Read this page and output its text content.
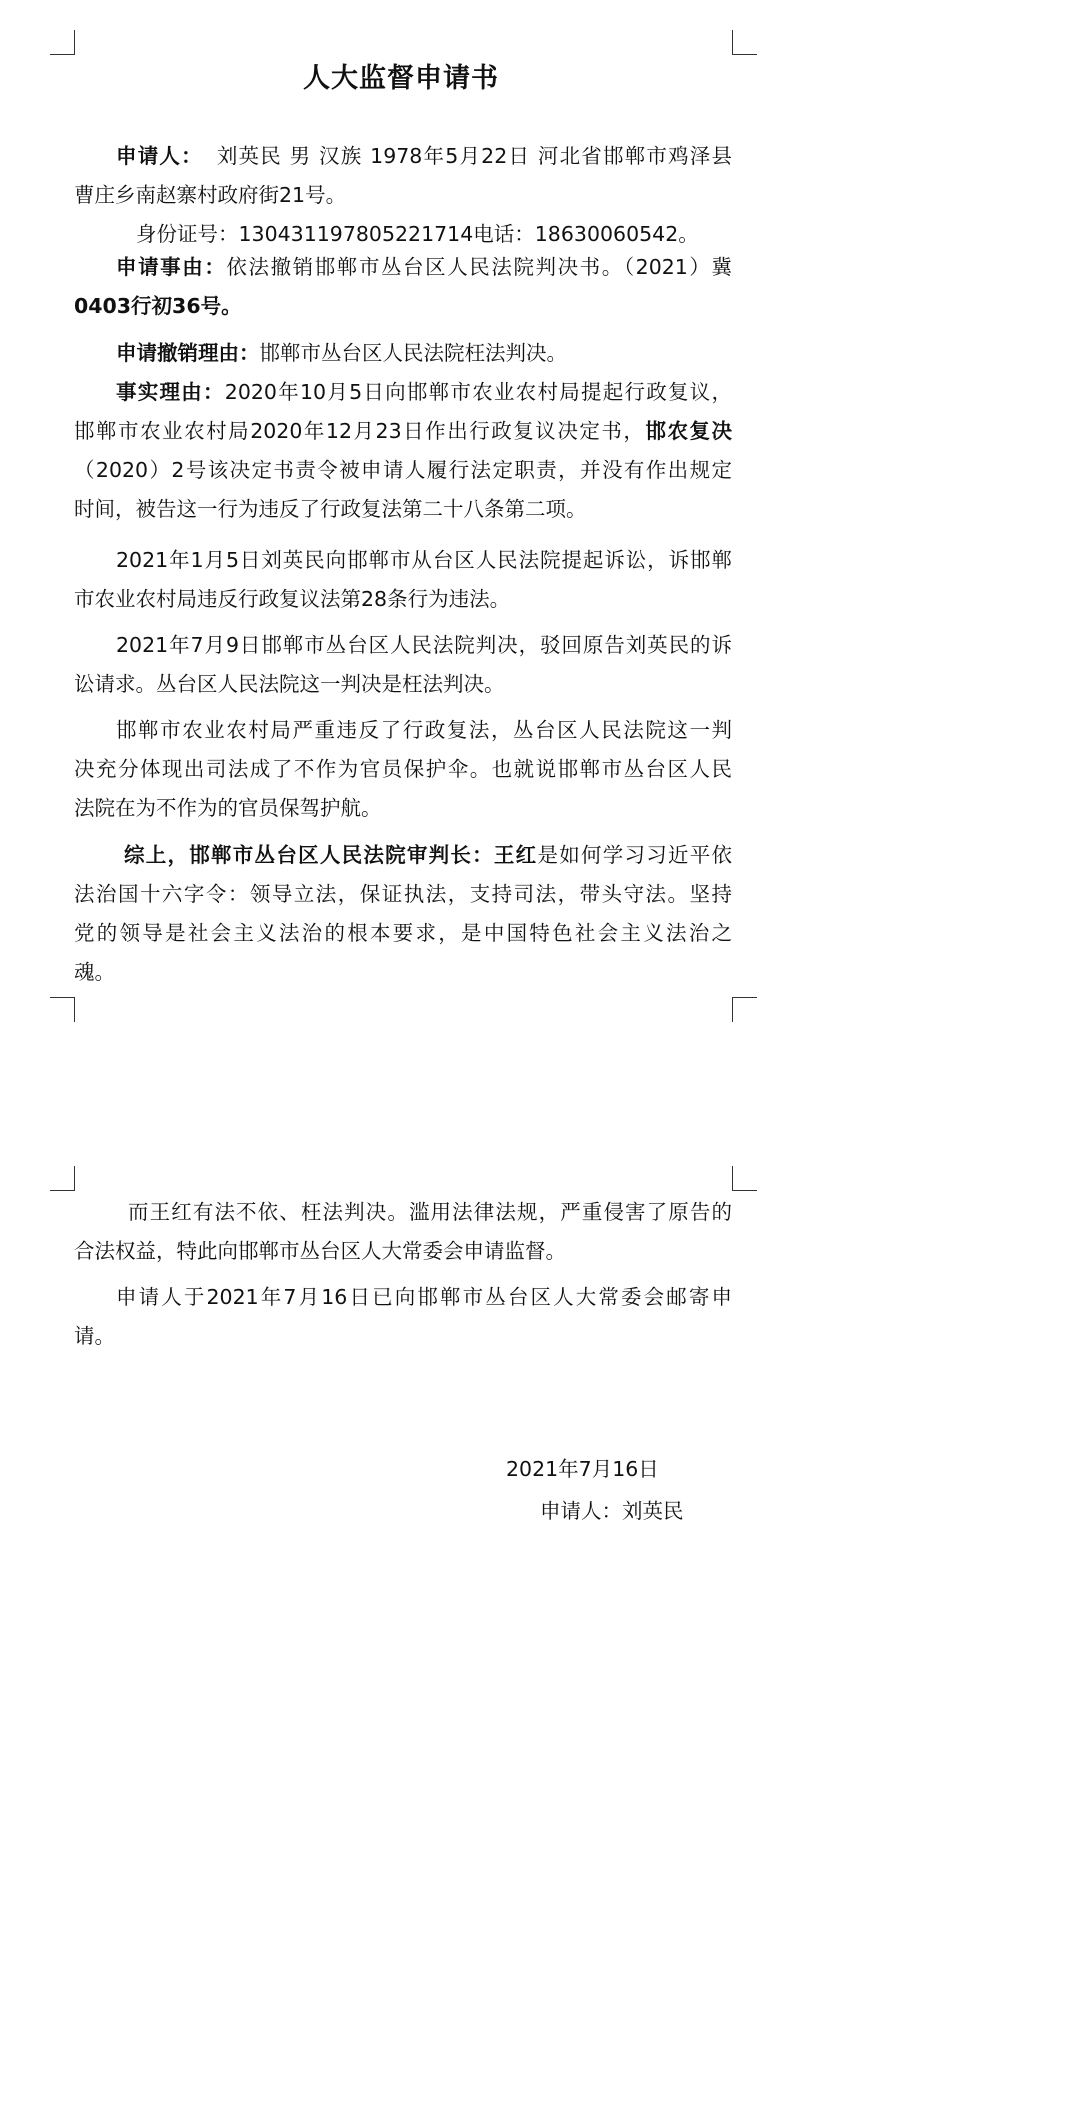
人大监督申请书
申请人： 刘英民 男 汉族 1978年5月22日 河北省邯郸市鸡泽县
曹庄乡南赵寨村政府街21号。
身份证号：130431197805221714电话：18630060542。
申请事由：依法撤销邯郸市丛台区人民法院判决书。（2021）冀
0403行初36号。
申请撤销理由：邯郸市丛台区人民法院枉法判决。
事实理由：2020年10月5日向邯郸市农业农村局提起行政复议，
邯郸市农业农村局2020年12月23日作出行政复议决定书，邯农复决
（2020）2号该决定书责令被申请人履行法定职责，并没有作出规定
时间，被告这一行为违反了行政复法第二十八条第二项。
2021年1月5日刘英民向邯郸市从台区人民法院提起诉讼，诉邯郸
市农业农村局违反行政复议法第28条行为违法。
2021年7月9日邯郸市丛台区人民法院判决，驳回原告刘英民的诉
讼请求。丛台区人民法院这一判决是枉法判决。
邯郸市农业农村局严重违反了行政复法，丛台区人民法院这一判
决充分体现出司法成了不作为官员保护伞。也就说邯郸市丛台区人民
法院在为不作为的官员保驾护航。
综上，邯郸市丛台区人民法院审判长：王红是如何学习习近平依
法治国十六字令：领导立法，保证执法，支持司法，带头守法。坚持
党的领导是社会主义法治的根本要求，是中国特色社会主义法治之
魂。
而王红有法不依、枉法判决。滥用法律法规，严重侵害了原告的
合法权益，特此向邯郸市丛台区人大常委会申请监督。
申请人于2021年7月16日已向邯郸市丛台区人大常委会邮寄申
请。
2021年7月16日
申请人：刘英民
